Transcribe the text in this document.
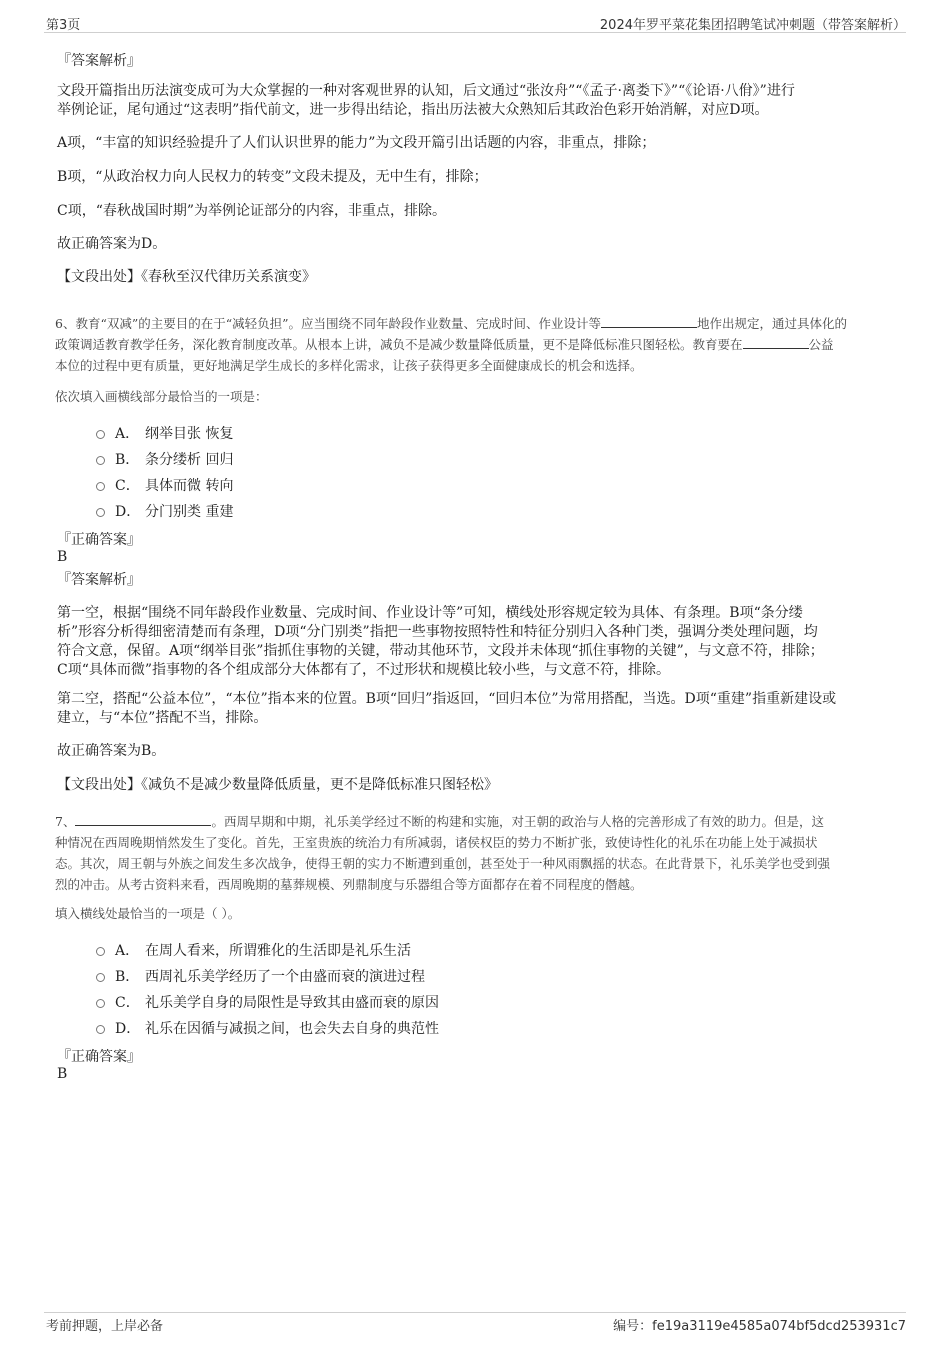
第3页	2024年罗平菜花集团招聘笔试冲刺题（带答案解析）
『答案解析』
文段开篇指出历法演变成可为大众掌握的一种对客观世界的认知，后文通过“张汝舟”“《孟子·离娄下》”“《论语·八佾》”进行
举例论证，尾句通过“这表明”指代前文，进一步得出结论，指出历法被大众熟知后其政治色彩开始消解，对应D项。
A项，“丰富的知识经验提升了人们认识世界的能力”为文段开篇引出话题的内容，非重点，排除；
B项，“从政治权力向人民权力的转变”文段未提及，无中生有，排除；
C项，“春秋战国时期”为举例论证部分的内容，非重点，排除。
故正确答案为D。
【文段出处】《春秋至汉代律历关系演变》
6、教育“双减”的主要目的在于“减轻负担”。应当围绕不同年龄段作业数量、完成时间、作业设计等	地作出规定，通过具体化的
政策调适教育教学任务，深化教育制度改革。从根本上讲，减负不是减少数量降低质量，更不是降低标准只图轻松。教育要在	公益
本位的过程中更有质量，更好地满足学生成长的多样化需求，让孩子获得更多全面健康成长的机会和选择。
依次填入画横线部分最恰当的一项是：
A． 纲举目张 恢复
B． 条分缕析 回归
C． 具体而微 转向
D． 分门别类 重建
『正确答案』
B
『答案解析』
第一空，根据“围绕不同年龄段作业数量、完成时间、作业设计等”可知，横线处形容规定较为具体、有条理。B项“条分缕
析”形容分析得细密清楚而有条理，D项“分门别类”指把一些事物按照特性和特征分别归入各种门类，强调分类处理问题，均
符合文意，保留。A项“纲举目张”指抓住事物的关键，带动其他环节，文段并未体现“抓住事物的关键”，与文意不符，排除；
C项“具体而微”指事物的各个组成部分大体都有了，不过形状和规模比较小些，与文意不符，排除。
第二空，搭配“公益本位”，“本位”指本来的位置。B项“回归”指返回，“回归本位”为常用搭配，当选。D项“重建”指重新建设或
建立，与“本位”搭配不当，排除。
故正确答案为B。
【文段出处】《减负不是减少数量降低质量，更不是降低标准只图轻松》
7、	。西周早期和中期，礼乐美学经过不断的构建和实施，对王朝的政治与人格的完善形成了有效的助力。但是，这
种情况在西周晚期悄然发生了变化。首先，王室贵族的统治力有所减弱，诸侯权臣的势力不断扩张，致使诗性化的礼乐在功能上处于减损状
态。其次，周王朝与外族之间发生多次战争，使得王朝的实力不断遭到重创，甚至处于一种风雨飘摇的状态。在此背景下，礼乐美学也受到强
烈的冲击。从考古资料来看，西周晚期的墓葬规模、列鼎制度与乐器组合等方面都存在着不同程度的僭越。
填入横线处最恰当的一项是（ ）。
A． 在周人看来，所谓雅化的生活即是礼乐生活
B． 西周礼乐美学经历了一个由盛而衰的演进过程
C． 礼乐美学自身的局限性是导致其由盛而衰的原因
D． 礼乐在因循与减损之间，也会失去自身的典范性
『正确答案』
B
考前押题，上岸必备	编号：fe19a3119e4585a074bf5dcd253931c7
